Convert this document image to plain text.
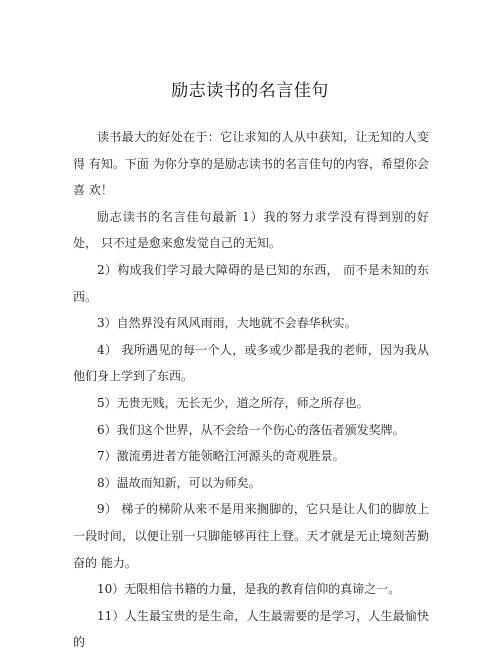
励志读书的名言佳句

读书最大的好处在于：它让求知的人从中获知，让无知的人变得 有知。下面 为你分享的是励志读书的名言佳句的内容，希望你会喜 欢！

励志读书的名言佳句最新 1）我的努力求学没有得到别的好处， 只不过是愈来愈发觉自己的无知。

2）构成我们学习最大障碍的是已知的东西， 而不是未知的东西。

3）自然界没有风风雨雨，大地就不会春华秋实。

4） 我所遇见的每一个人，或多或少都是我的老师，因为我从他们身上学到了东西。

5）无贵无贱，无长无少，道之所存，师之所存也。

6）我们这个世界，从不会给一个伤心的落伍者颁发奖牌。

7）激流勇进者方能领略江河源头的奇观胜景。

8）温故而知新，可以为师矣。

9） 梯子的梯阶从来不是用来搁脚的，它只是让人们的脚放上一段时间，以便让别一只脚能够再往上登。天才就是无止境刻苦勤奋的 能力。

10）无限相信书籍的力量，是我的教育信仰的真谛之一。

11）人生最宝贵的是生命，人生最需要的是学习，人生最愉快的
